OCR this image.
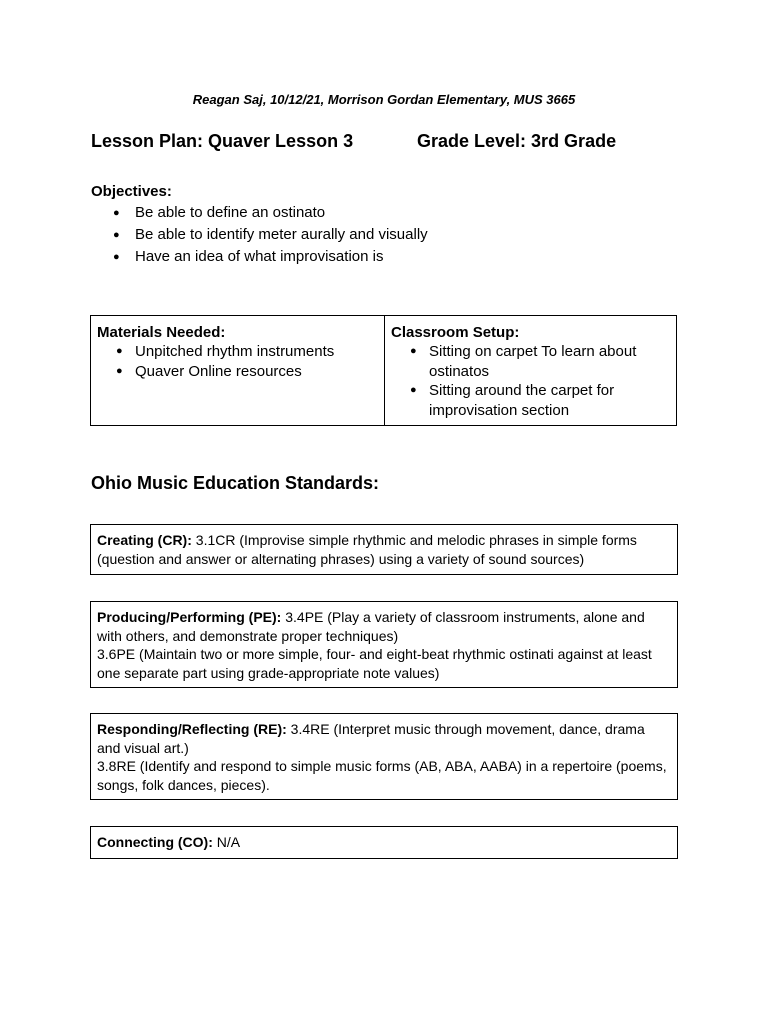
Reagan Saj, 10/12/21, Morrison Gordan Elementary, MUS 3665
Lesson Plan: Quaver Lesson 3	Grade Level: 3rd Grade
Objectives:
● Be able to define an ostinato
● Be able to identify meter aurally and visually
● Have an idea of what improvisation is
Materials Needed:
● Unpitched rhythm instruments
● Quaver Online resources
Classroom Setup:
● Sitting on carpet To learn about ostinatos
● Sitting around the carpet for improvisation section
Ohio Music Education Standards:

Creating (CR): 3.1CR (Improvise simple rhythmic and melodic phrases in simple forms (question and answer or alternating phrases) using a variety of sound sources)

Producing/Performing (PE): 3.4PE (Play a variety of classroom instruments, alone and with others, and demonstrate proper techniques)

3.6PE (Maintain two or more simple, four- and eight-beat rhythmic ostinati against at least one separate part using grade-appropriate note values)

Responding/Reflecting (RE): 3.4RE (Interpret music through movement, dance, drama and visual art.)

3.8RE (Identify and respond to simple music forms (AB, ABA, AABA) in a repertoire (poems, songs, folk dances, pieces).

Connecting (CO): N/A
